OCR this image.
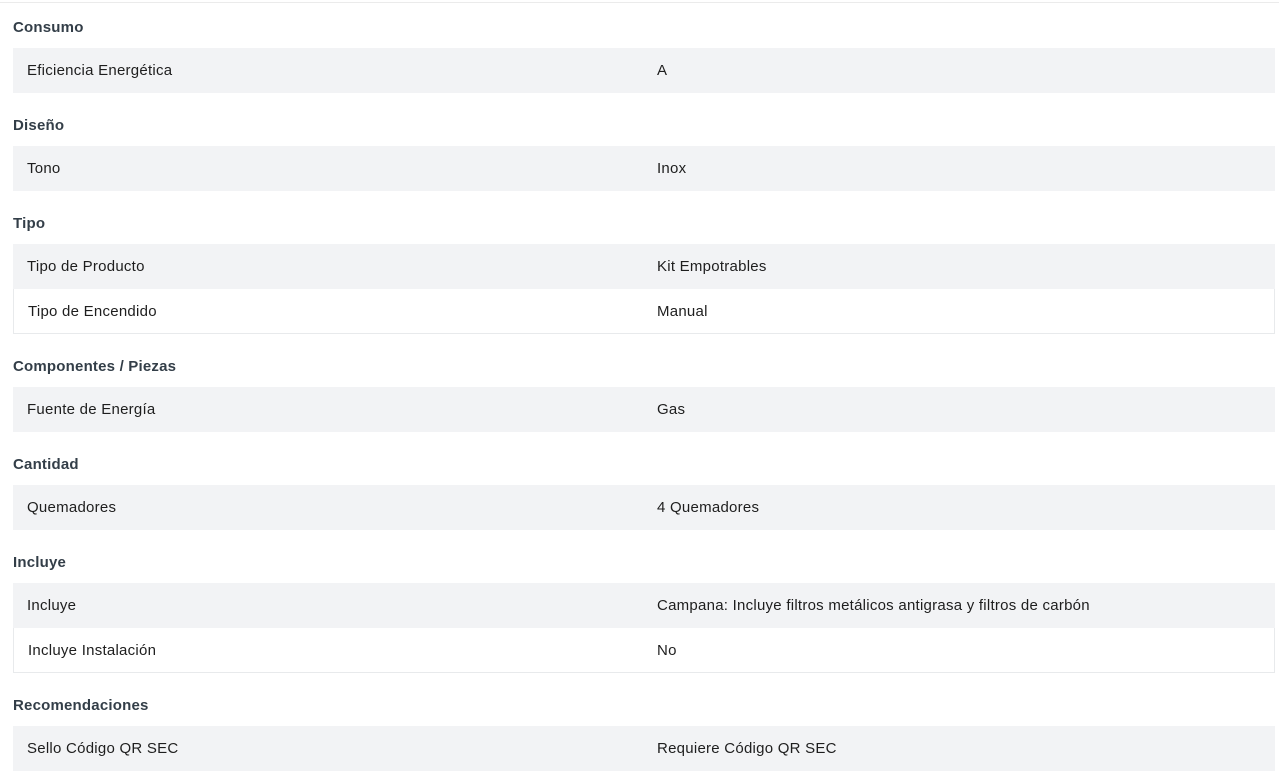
Consumo
Eficiencia Energética	A
Diseño
Tono	Inox
Tipo
Tipo de Producto	Kit Empotrables
Tipo de Encendido	Manual
Componentes / Piezas
Fuente de Energía	Gas
Cantidad
Quemadores	4 Quemadores
Incluye
Incluye	Campana: Incluye filtros metálicos antigrasa y filtros de carbón
Incluye Instalación	No
Recomendaciones
Sello Código QR SEC	Requiere Código QR SEC
